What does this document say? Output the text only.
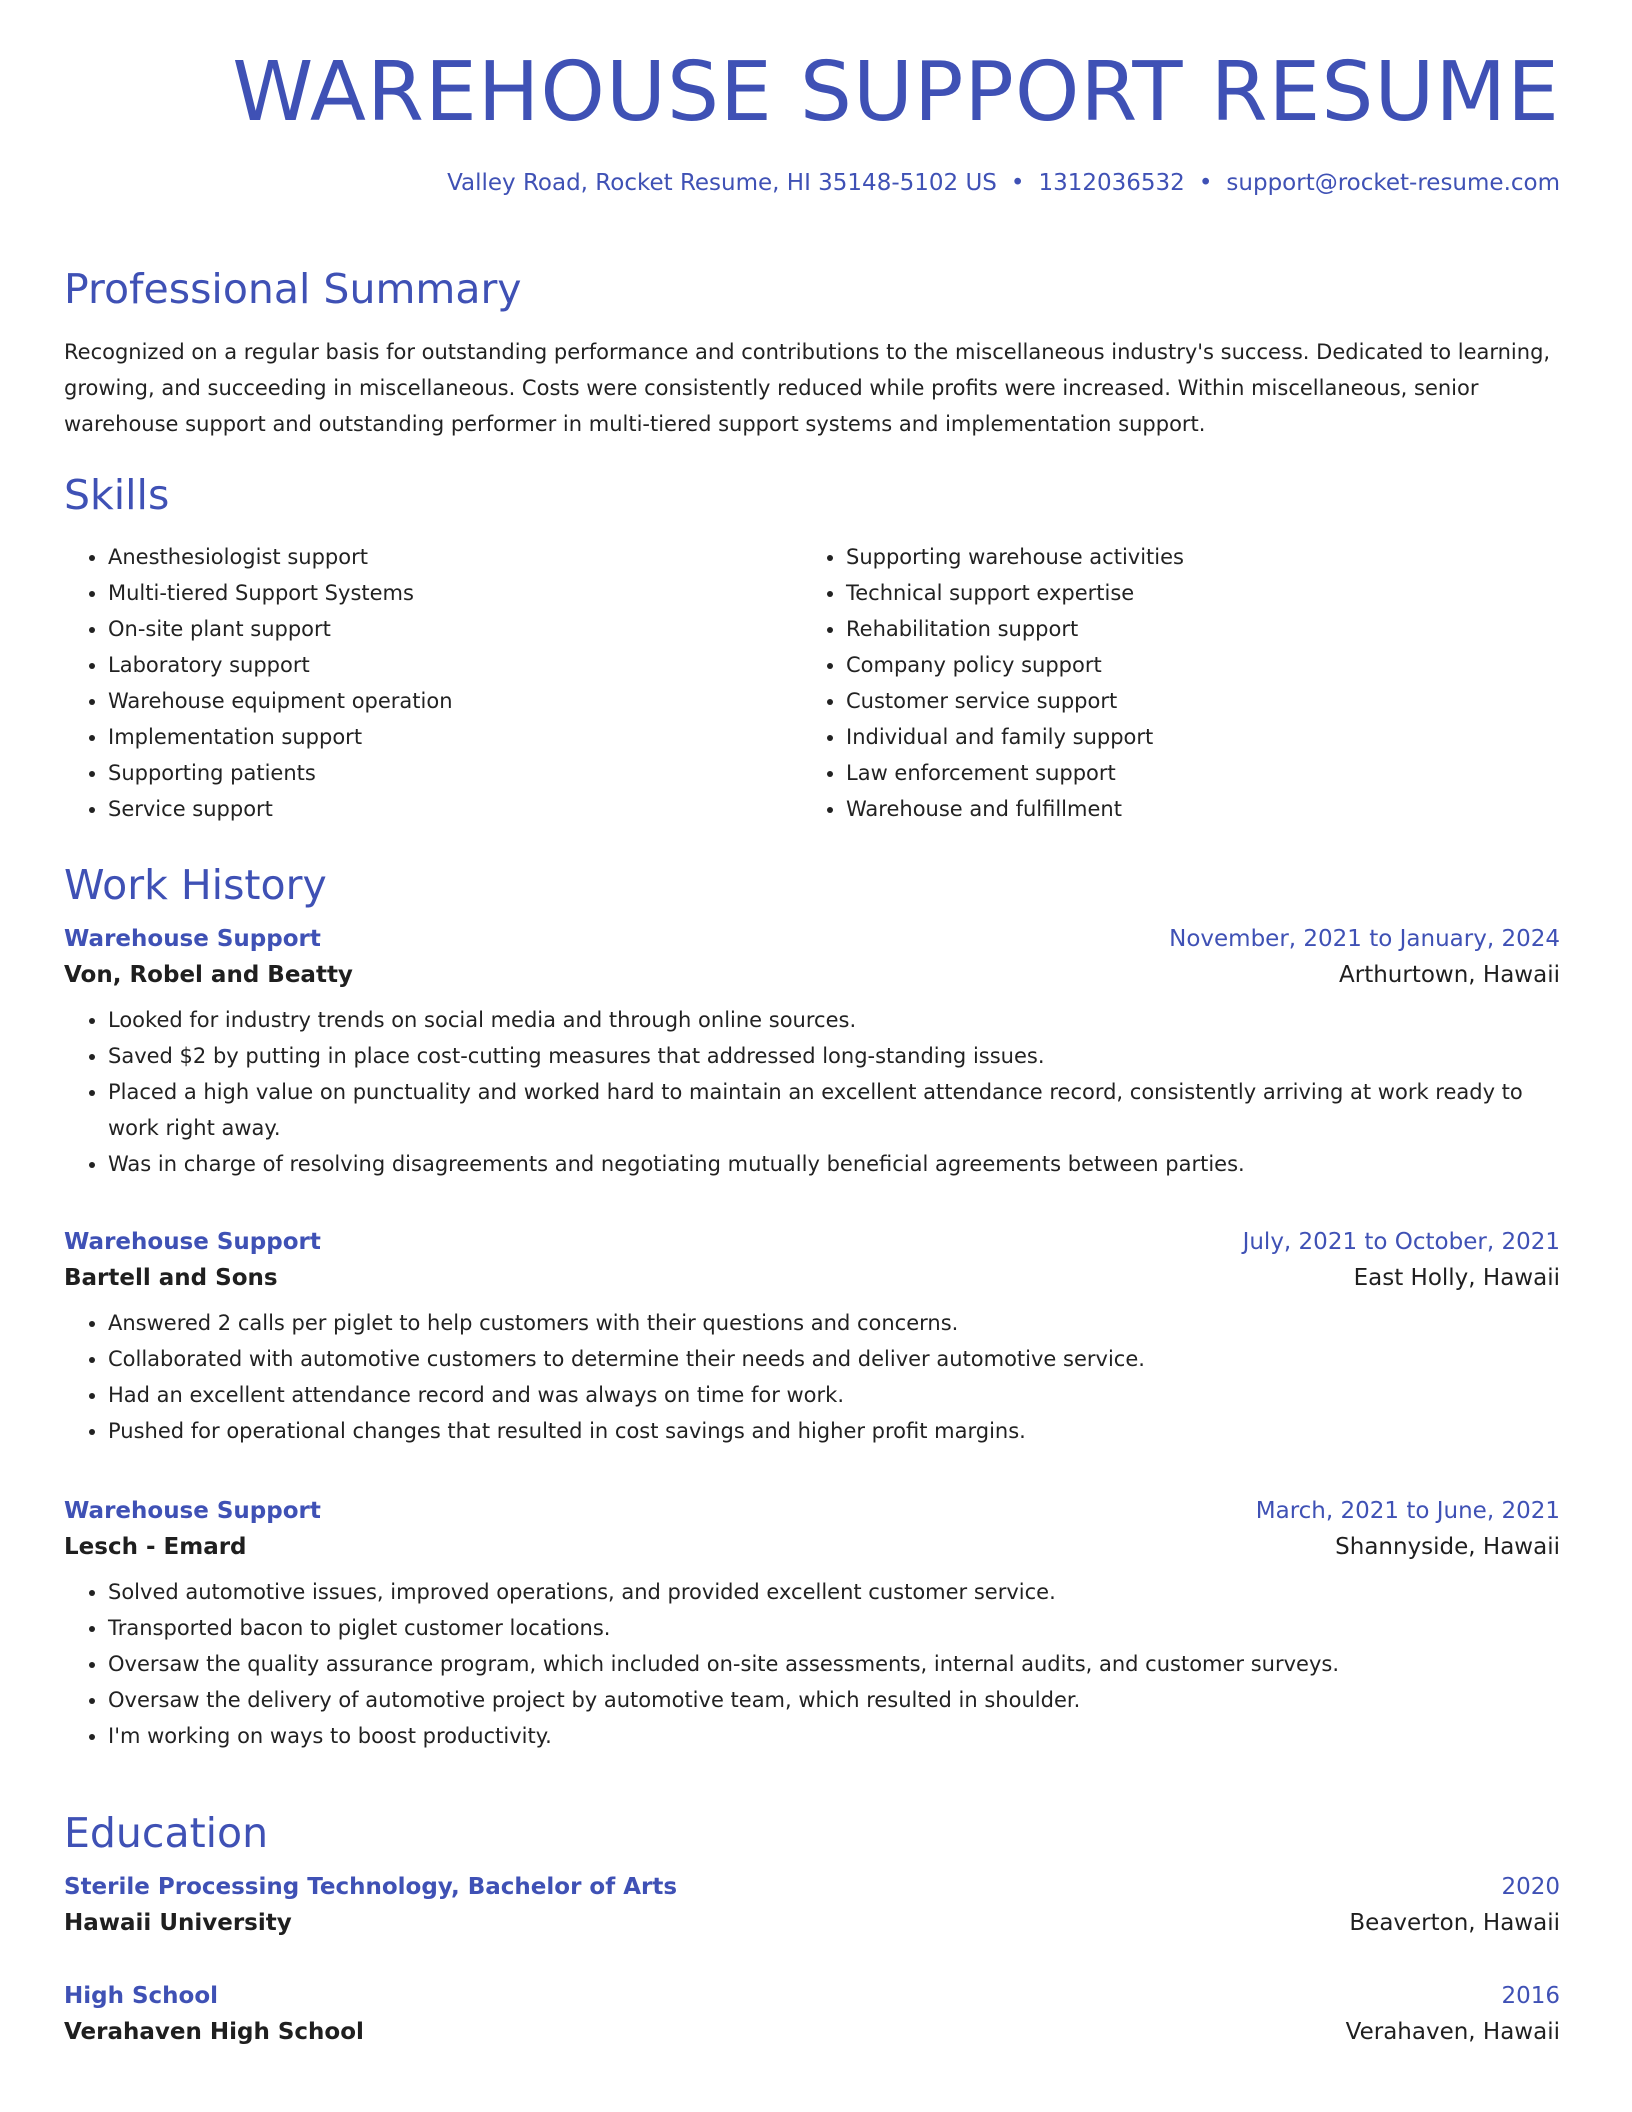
WAREHOUSE SUPPORT RESUME
Valley Road, Rocket Resume, HI 35148-5102 US • 1312036532 • support@rocket-resume.com
Professional Summary
Recognized on a regular basis for outstanding performance and contributions to the miscellaneous industry's success. Dedicated to learning, growing, and succeeding in miscellaneous. Costs were consistently reduced while profits were increased. Within miscellaneous, senior warehouse support and outstanding performer in multi-tiered support systems and implementation support.
Skills
• Anesthesiologist support
• Multi-tiered Support Systems
• On-site plant support
• Laboratory support
• Warehouse equipment operation
• Implementation support
• Supporting patients
• Service support
• Supporting warehouse activities
• Technical support expertise
• Rehabilitation support
• Company policy support
• Customer service support
• Individual and family support
• Law enforcement support
• Warehouse and fulfillment
Work History
Warehouse Support	November, 2021 to January, 2024
Von, Robel and Beatty	Arthurtown, Hawaii
• Looked for industry trends on social media and through online sources.
• Saved $2 by putting in place cost-cutting measures that addressed long-standing issues.
• Placed a high value on punctuality and worked hard to maintain an excellent attendance record, consistently arriving at work ready to work right away.
• Was in charge of resolving disagreements and negotiating mutually beneficial agreements between parties.
Warehouse Support	July, 2021 to October, 2021
Bartell and Sons	East Holly, Hawaii
• Answered 2 calls per piglet to help customers with their questions and concerns.
• Collaborated with automotive customers to determine their needs and deliver automotive service.
• Had an excellent attendance record and was always on time for work.
• Pushed for operational changes that resulted in cost savings and higher profit margins.
Warehouse Support	March, 2021 to June, 2021
Lesch - Emard	Shannyside, Hawaii
• Solved automotive issues, improved operations, and provided excellent customer service.
• Transported bacon to piglet customer locations.
• Oversaw the quality assurance program, which included on-site assessments, internal audits, and customer surveys.
• Oversaw the delivery of automotive project by automotive team, which resulted in shoulder.
• I'm working on ways to boost productivity.
Education
Sterile Processing Technology, Bachelor of Arts	2020
Hawaii University	Beaverton, Hawaii
High School	2016
Verahaven High School	Verahaven, Hawaii
